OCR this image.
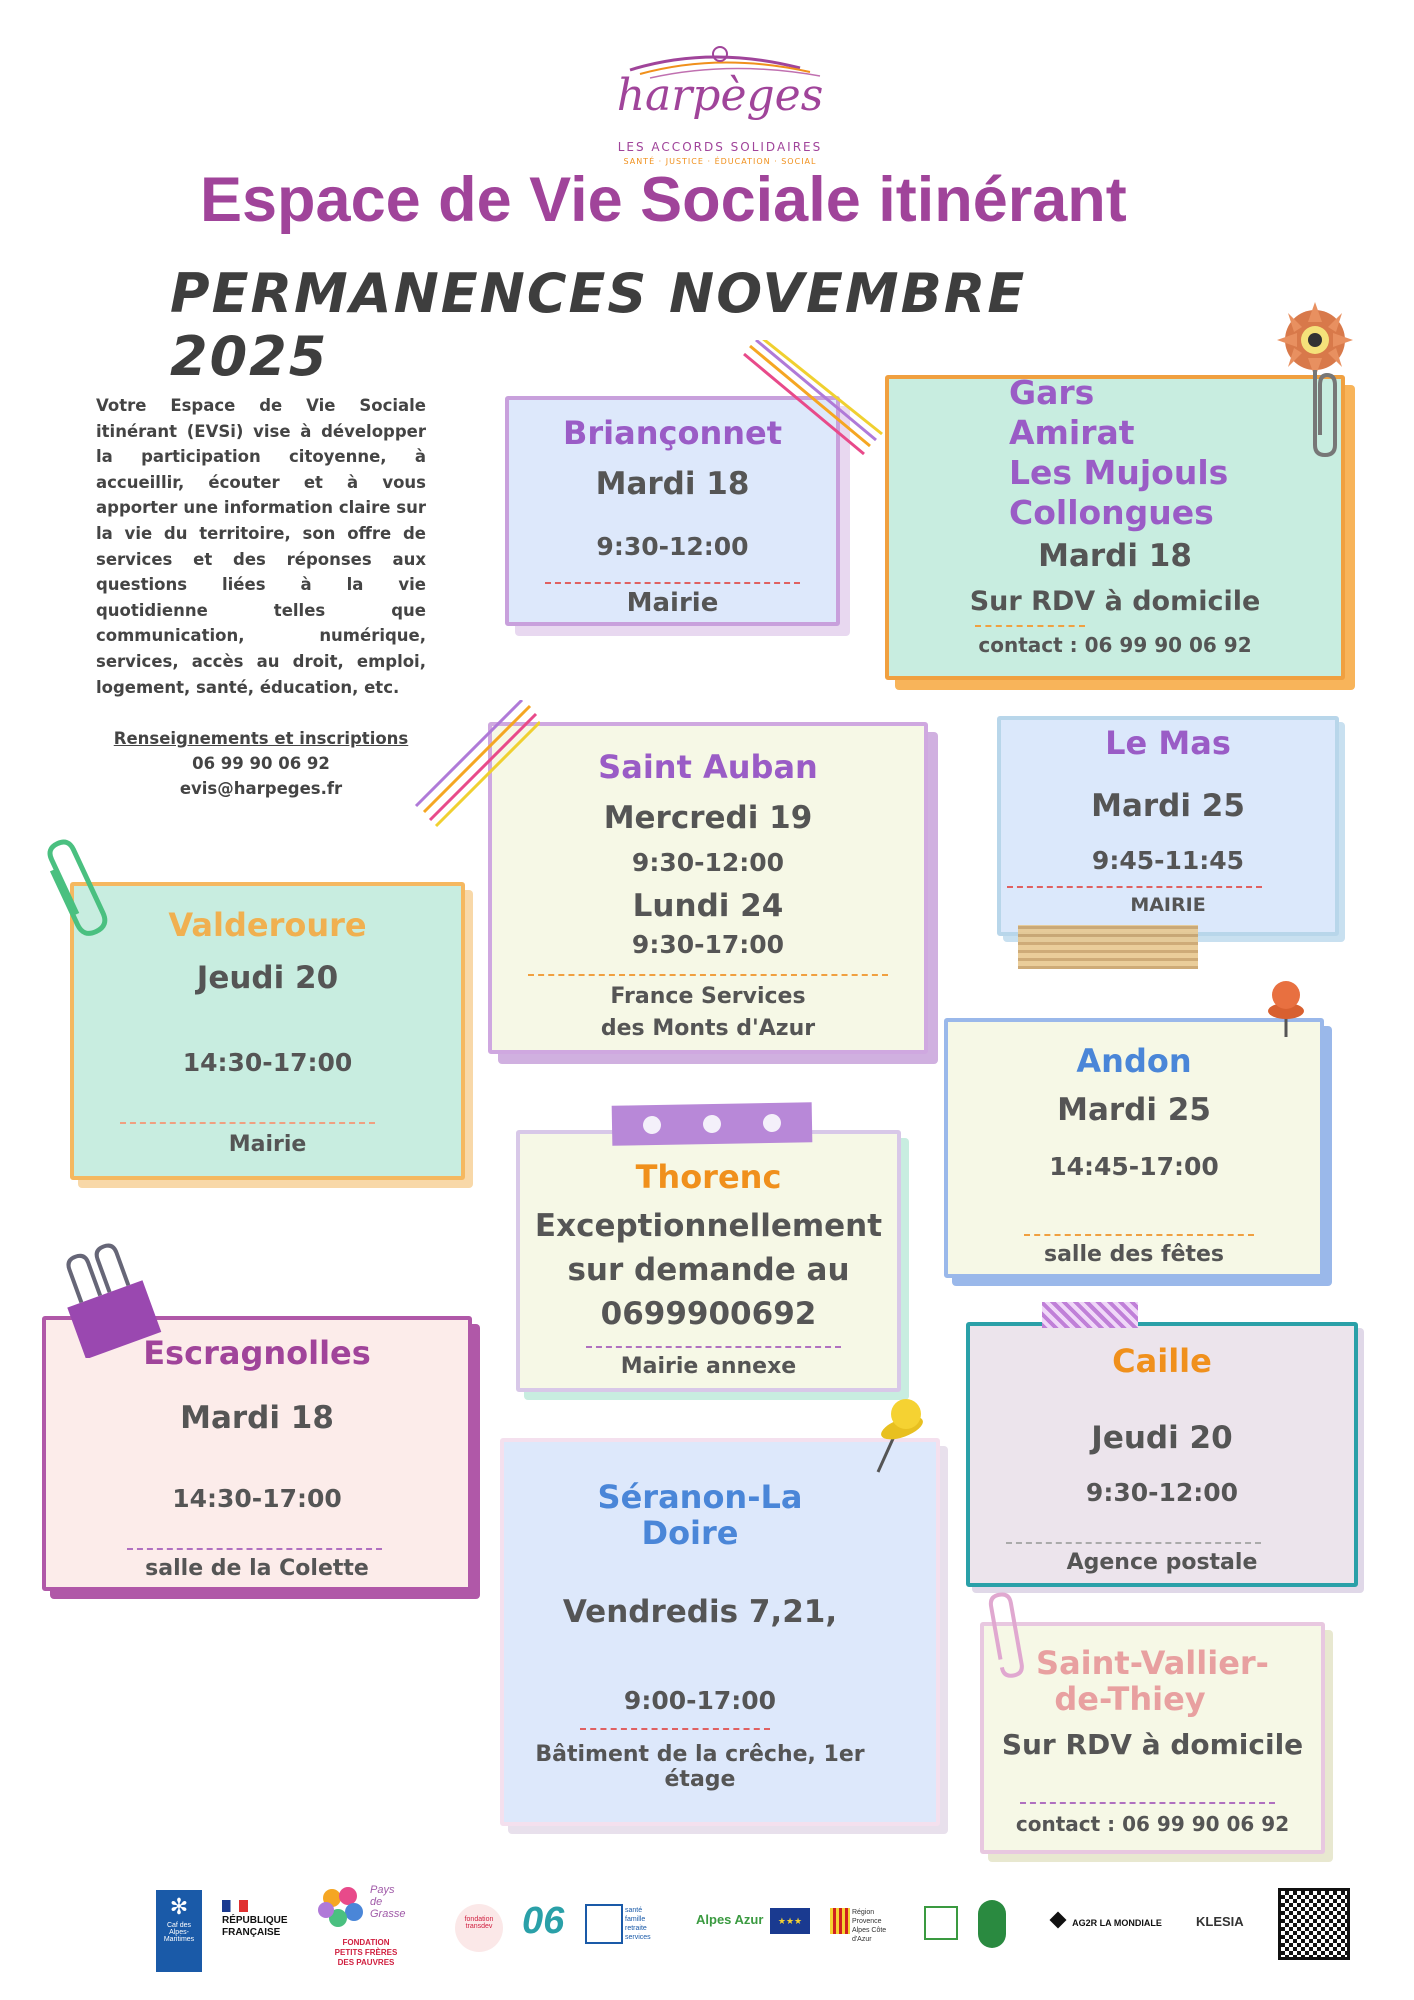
harpèges
LES ACCORDS SOLIDAIRES
SANTÉ · JUSTICE · ÉDUCATION · SOCIAL
Espace de Vie Sociale itinérant
PERMANENCES NOVEMBRE 2025
Votre Espace de Vie Sociale itinérant (EVSi) vise à développer la participation citoyenne, à accueillir, écouter et à vous apporter une information claire sur la vie du territoire, son offre de services et des réponses aux questions liées à la vie quotidienne telles que communication, numérique, services, accès au droit, emploi, logement, santé, éducation, etc.
Renseignements et inscriptions
06 99 90 06 92
evis@harpeges.fr
Briançonnet
Mardi 18
9:30-12:00
Mairie
Gars
Amirat
Les Mujouls
Collongues
Mardi 18
Sur RDV à domicile
contact : 06 99 90 06 92
Saint Auban
Mercredi 19
9:30-12:00
Lundi 24
9:30-17:00
France Services
des Monts d'Azur
Le Mas
Mardi 25
9:45-11:45
MAIRIE
Valderoure
Jeudi 20
14:30-17:00
Mairie
Andon
Mardi 25
14:45-17:00
salle des fêtes
Thorenc
Exceptionnellement
sur demande au
0699900692
Mairie annexe
Escragnolles
Mardi 18
14:30-17:00
salle de la Colette
Caille
Jeudi 20
9:30-12:00
Agence postale
Séranon-La
Doire
Vendredis 7,21,
9:00-17:00
Bâtiment de la crêche, 1er étage
Saint-Vallier-
de-Thiey
Sur RDV à domicile
contact : 06 99 90 06 92
✻
Caf des Alpes-Maritimes
RÉPUBLIQUE
FRANÇAISE
Pays
de
Grasse
FONDATION
PETITS FRÈRES
DES PAUVRES
fondation transdev 06	santé
famille
retraite
services
Alpes Azur	★★★
Région Provence Alpes Côte d'Azur
AG2R LA MONDIALE	KLESIA
